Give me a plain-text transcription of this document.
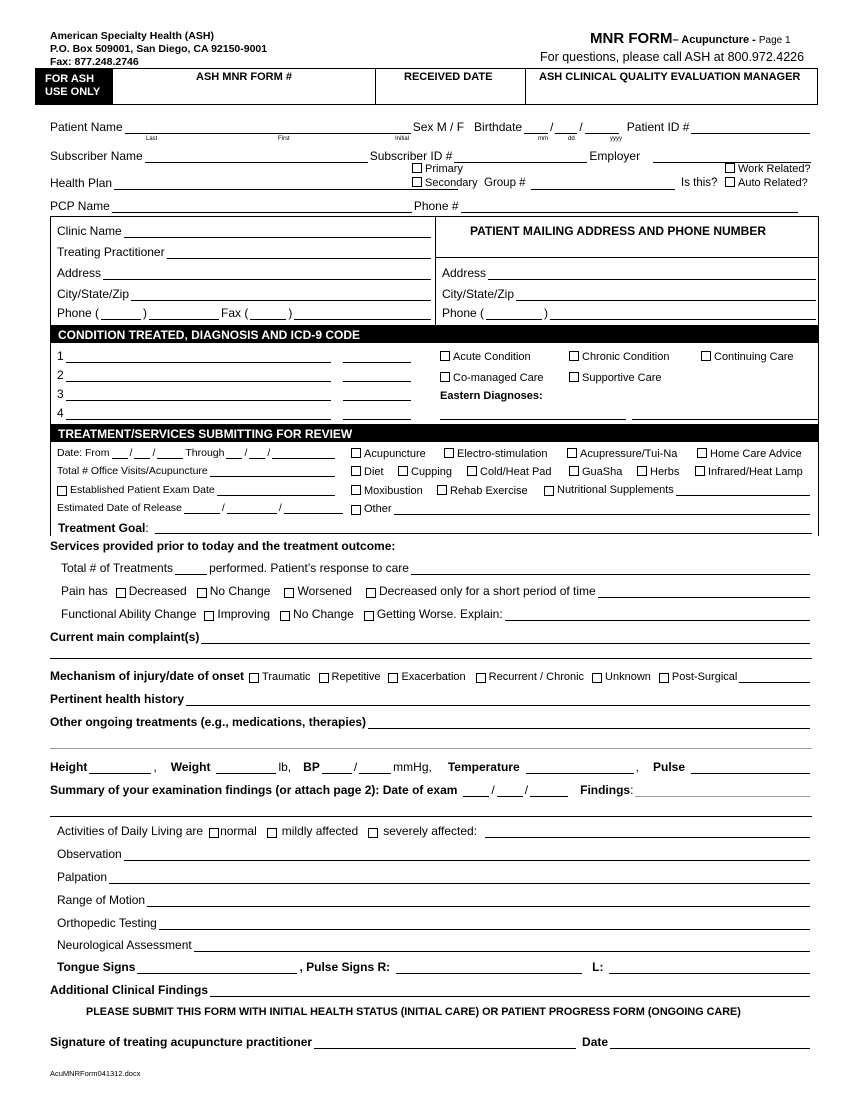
American Specialty Health (ASH)
P.O. Box 509001, San Diego, CA 92150-9001
Fax: 877.248.2746
MNR FORM– Acupuncture - Page 1
For questions, please call ASH at 800.972.4226
FOR ASH
USE ONLY
ASH MNR FORM #	RECEIVED DATE	ASH CLINICAL QUALITY EVALUATION MANAGER
Patient Name	Sex M / F Birthdate / /	Patient ID #
Last	First	Initial	mm	dd	yyyy
Subscriber Name	Subscriber ID #	Employer
Primary	Work Related?
Health Plan	Secondary Group #	Is this?	Auto Related?
PCP Name	Phone #
Clinic Name
Treating Practitioner
Address
City/State/Zip
Phone (	)	Fax (	)
PATIENT MAILING ADDRESS AND PHONE NUMBER
Address
City/State/Zip
Phone (	)
CONDITION TREATED, DIAGNOSIS AND ICD-9 CODE
1
2
3
4
Acute Condition	Chronic Condition	Continuing Care
Co-managed Care	Supportive Care
Eastern Diagnoses:
TREATMENT/SERVICES SUBMITTING FOR REVIEW
Date: From / /	Through / /
Total # Office Visits/Acupuncture
Established Patient Exam Date
Estimated Date of Release	/	/
Treatment Goal:
Acupuncture	Electro-stimulation	Acupressure/Tui-Na	Home Care Advice
Diet	Cupping	Cold/Heat Pad	GuaSha	Herbs	Infrared/Heat Lamp
Moxibustion	Rehab Exercise	Nutritional Supplements
Other
Services provided prior to today and the treatment outcome:
Total # of Treatments	performed. Patient’s response to care
Pain has Decreased No Change Worsened Decreased only for a short period of time
Functional Ability Change Improving No Change Getting Worse. Explain:
Current main complaint(s)
Mechanism of injury/date of onset Traumatic Repetitive Exacerbation Recurrent / Chronic Unknown Post-Surgical
Pertinent health history
Other ongoing treatments (e.g., medications, therapies)
Height	, Weight	lb, BP	/	mmHg, Temperature	, Pulse
Summary of your examination findings (or attach page 2): Date of exam	/	/	Findings :
Activities of Daily Living are normal mildly affected severely affected:
Observation
Palpation
Range of Motion
Orthopedic Testing
Neurological Assessment
Tongue Signs	, Pulse Signs R:	L:
Additional Clinical Findings
PLEASE SUBMIT THIS FORM WITH INITIAL HEALTH STATUS (INITIAL CARE) OR PATIENT PROGRESS FORM (ONGOING CARE)
Signature of treating acupuncture practitioner	Date
AcuMNRForm041312.docx
